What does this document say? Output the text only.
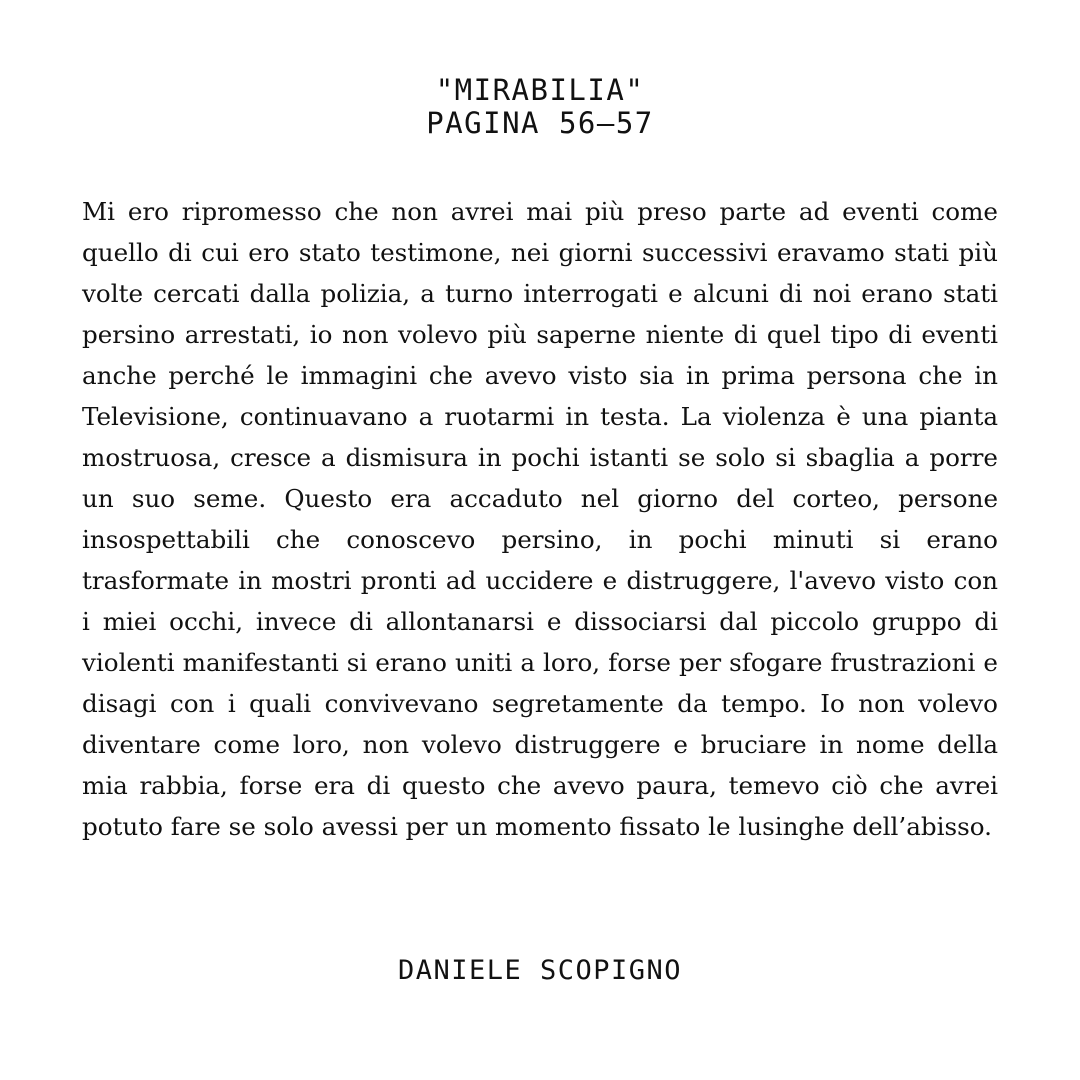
"MIRABILIA"
PAGINA 56–57

Mi ero ripromesso che non avrei mai più preso parte ad eventi come quello di cui ero stato testimone, nei giorni successivi eravamo stati più volte cercati dalla polizia, a turno interrogati e alcuni di noi erano stati persino arrestati, io non volevo più saperne niente di quel tipo di eventi anche perché le immagini che avevo visto sia in prima persona che in Televisione, continuavano a ruotarmi in testa. La violenza è una pianta mostruosa, cresce a dismisura in pochi istanti se solo si sbaglia a porre un suo seme. Questo era accaduto nel giorno del corteo, persone insospettabili che conoscevo persino, in pochi minuti si erano trasformate in mostri pronti ad uccidere e distruggere, l'avevo visto con i miei occhi, invece di allontanarsi e dissociarsi dal piccolo gruppo di violenti manifestanti si erano uniti a loro, forse per sfogare frustrazioni e disagi con i quali convivevano segretamente da tempo. Io non volevo diventare come loro, non volevo distruggere e bruciare in nome della mia rabbia, forse era di questo che avevo paura, temevo ciò che avrei potuto fare se solo avessi per un momento fissato le lusinghe dell’abisso.

DANIELE SCOPIGNO
